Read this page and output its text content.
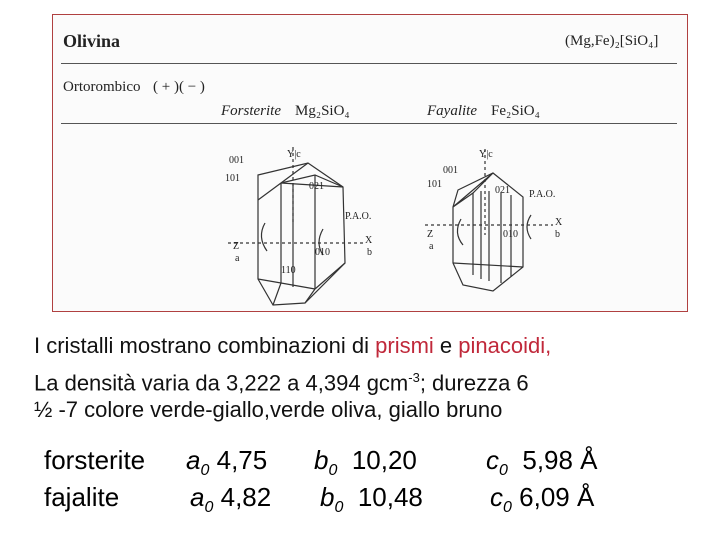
Olivina	(Mg,Fe)₂[SiO₄]
Ortorombico ( + )( − )
Forsterite Mg₂SiO₄	Fayalite Fe₂SiO₄
001
101
021
010
110
Y|c
Z
a
P.A.O.
X
b
001
101
021
010
Y|c
Z
a
P.A.O.
X
b
I cristalli mostrano combinazioni di prismi e pinacoidi,
La densità varia da 3,222 a 4,394 gcm$^{-3}$; durezza 6
½ -7 colore verde-giallo,verde oliva, giallo bruno
forsterite $a_0$ 4,75 $b_0$ 10,20	$c_0$ 5,98 Å
fajalite	$a_0$ 4,82 $b_0$ 10,48	$c_0$ 6,09 Å
